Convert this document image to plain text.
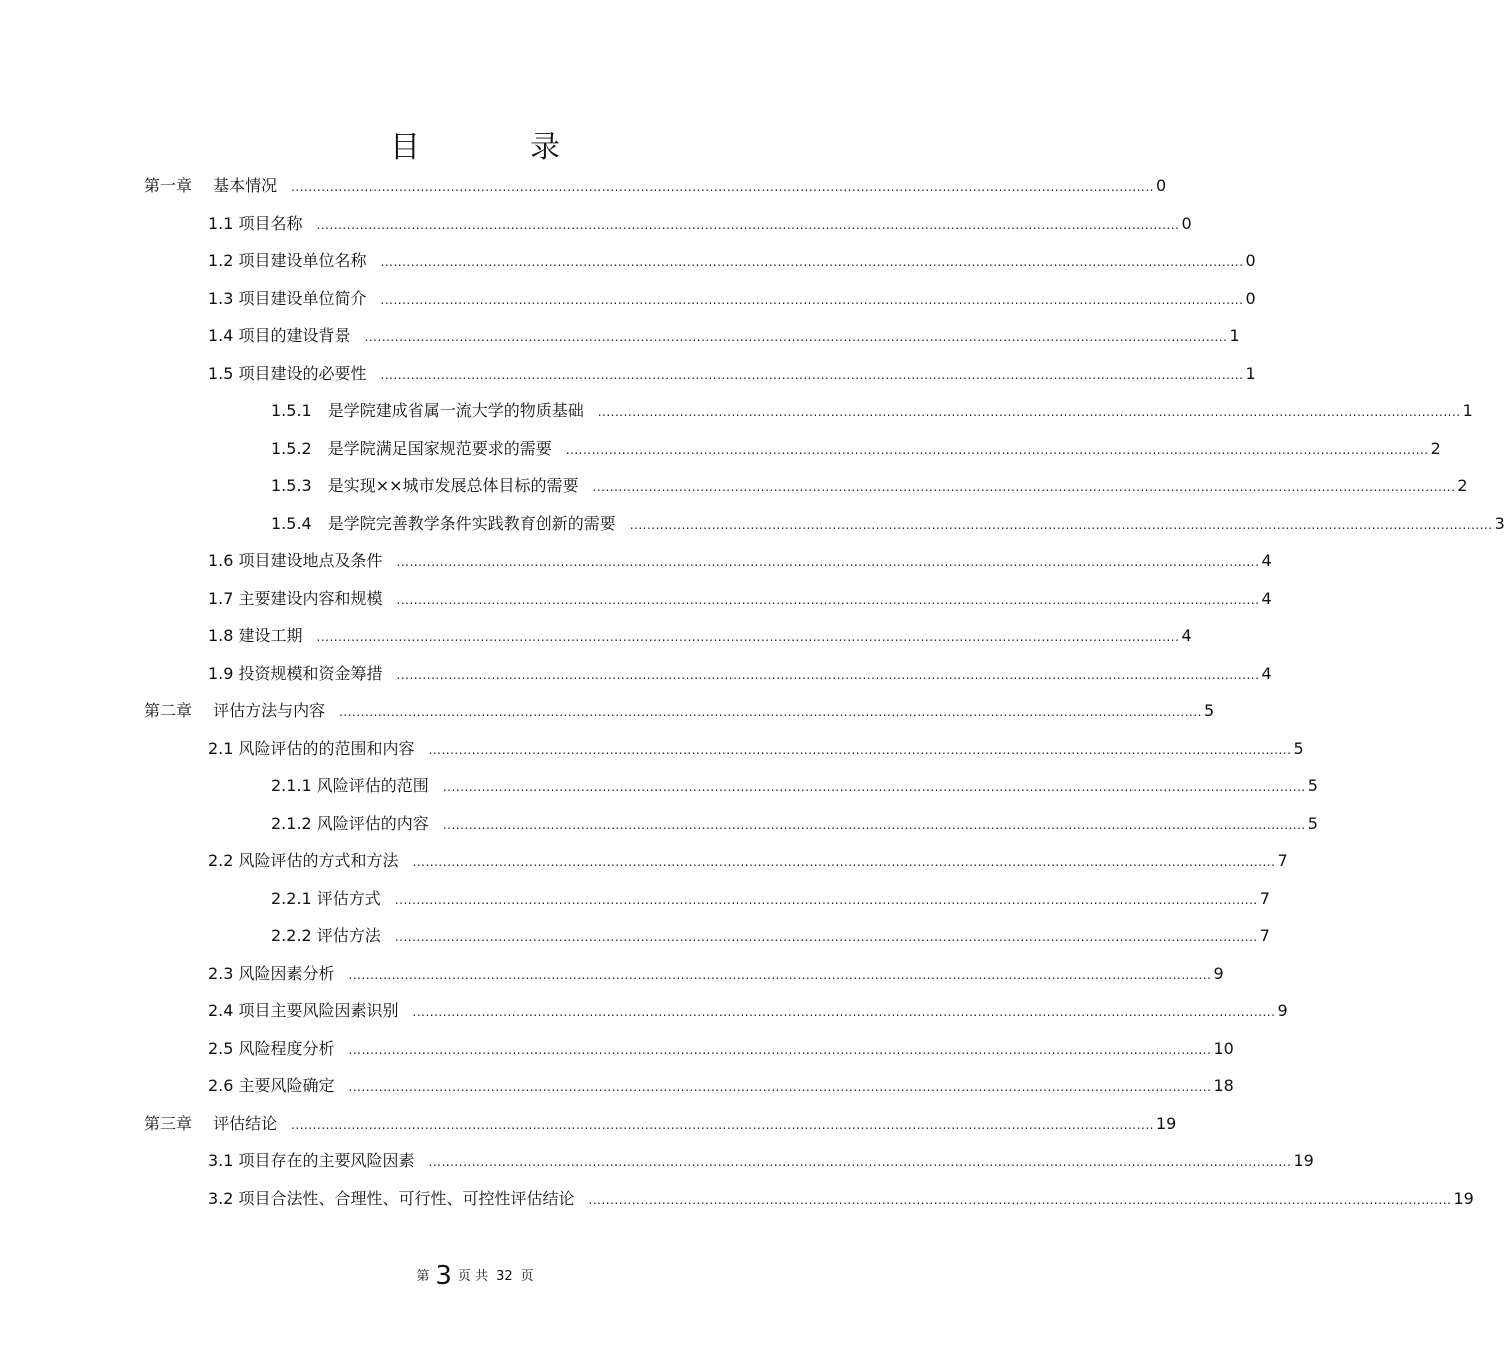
目　录
第一章　 基本情况 ........................................................................................................................................................................................................ 0
1.1 项目名称 ........................................................................................................................................................................................................ 0
1.2 项目建设单位名称 ........................................................................................................................................................................................................ 0
1.3 项目建设单位简介 ........................................................................................................................................................................................................ 0
1.4 项目的建设背景 ........................................................................................................................................................................................................ 1
1.5 项目建设的必要性 ........................................................................................................................................................................................................ 1
1.5.1　是学院建成省属一流大学的物质基础 ........................................................................................................................................................................................................ 1
1.5.2　是学院满足国家规范要求的需要 ........................................................................................................................................................................................................ 2
1.5.3　是实现××城市发展总体目标的需要 ........................................................................................................................................................................................................ 2
1.5.4　是学院完善教学条件实践教育创新的需要 ........................................................................................................................................................................................................ 3
1.6 项目建设地点及条件 ........................................................................................................................................................................................................ 4
1.7 主要建设内容和规模 ........................................................................................................................................................................................................ 4
1.8 建设工期 ........................................................................................................................................................................................................ 4
1.9 投资规模和资金筹措 ........................................................................................................................................................................................................ 4
第二章　 评估方法与内容 ........................................................................................................................................................................................................ 5
2.1 风险评估的的范围和内容 ........................................................................................................................................................................................................ 5
2.1.1 风险评估的范围 ........................................................................................................................................................................................................ 5
2.1.2 风险评估的内容 ........................................................................................................................................................................................................ 5
2.2 风险评估的方式和方法 ........................................................................................................................................................................................................ 7
2.2.1 评估方式 ........................................................................................................................................................................................................ 7
2.2.2 评估方法 ........................................................................................................................................................................................................ 7
2.3 风险因素分析 ........................................................................................................................................................................................................ 9
2.4 项目主要风险因素识别 ........................................................................................................................................................................................................ 9
2.5 风险程度分析 ........................................................................................................................................................................................................ 10
2.6 主要风险确定 ........................................................................................................................................................................................................ 18
第三章　 评估结论 ........................................................................................................................................................................................................ 19
3.1 项目存在的主要风险因素 ........................................................................................................................................................................................................ 19
3.2 项目合法性、合理性、可行性、可控性评估结论 ........................................................................................................................................................................................................ 19
第 3 页 共 32 页
